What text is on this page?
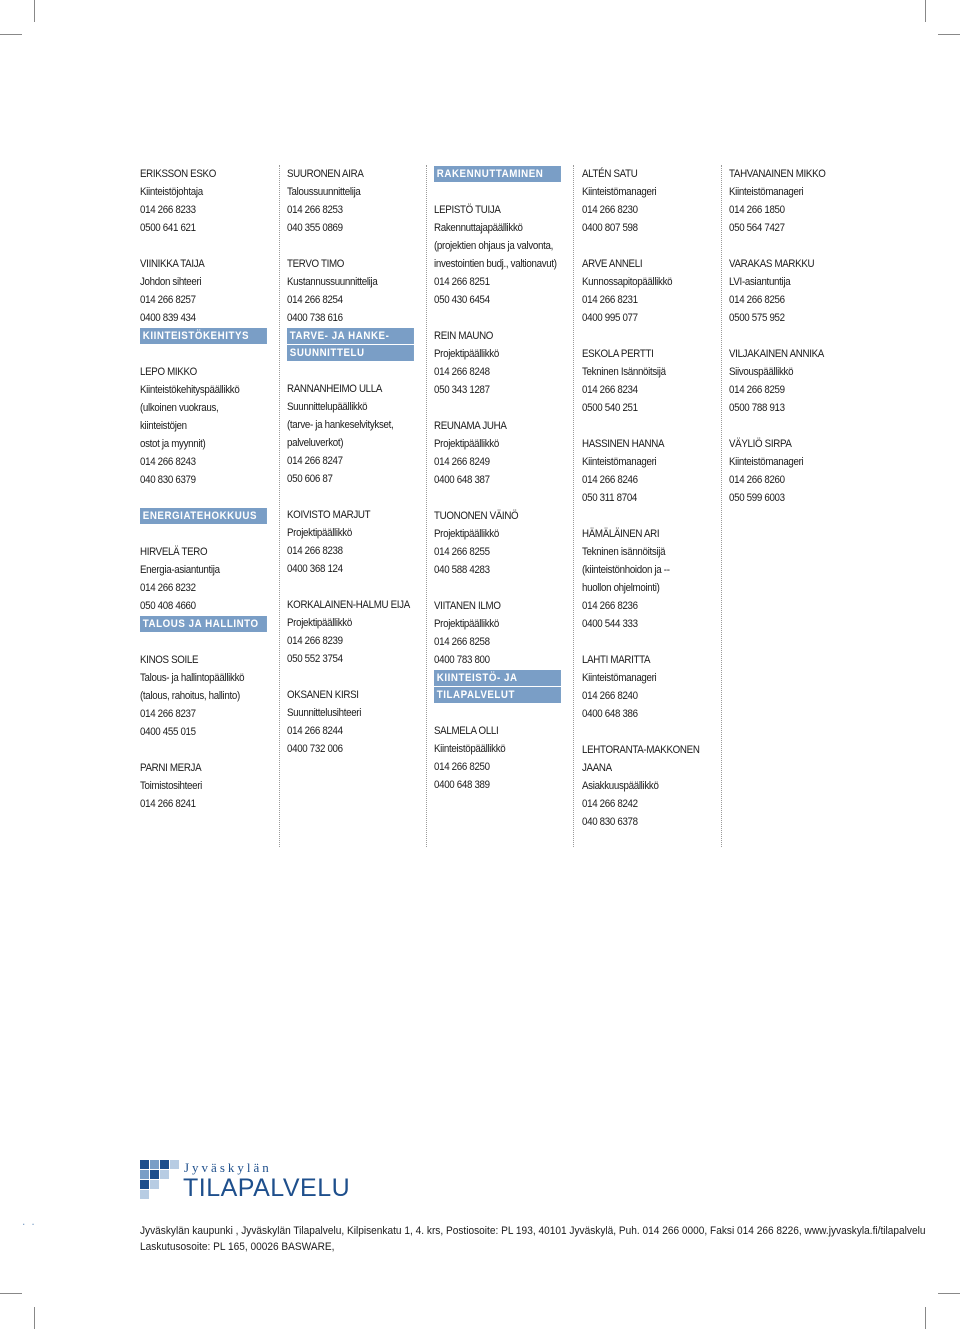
ERIKSSON ESKO
Kiinteistöjohtaja
014 266 8233
0500 641 621
VIINIKKA TAIJA
Johdon sihteeri
014 266 8257
0400 839 434
KIINTEISTÖKEHITYS
LEPO MIKKO
Kiinteistökehityspäällikkö
(ulkoinen vuokraus,
kiinteistöjen
ostot ja myynnit)
014 266 8243
040 830 6379
ENERGIATEHOKKUUS
HIRVELÄ TERO
Energia-asiantuntija
014 266 8232
050 408 4660
TALOUS JA HALLINTO
KINOS SOILE
Talous- ja hallintopäällikkö
(talous, rahoitus, hallinto)
014 266 8237
0400 455 015
PARNI MERJA
Toimistosihteeri
014 266 8241
SUURONEN AIRA
Taloussuunnittelija
014 266 8253
040 355 0869
TERVO TIMO
Kustannussuunnittelija
014 266 8254
0400 738 616
TARVE- JA HANKE-
SUUNNITTELU
RANNANHEIMO ULLA
Suunnittelupäällikkö
(tarve- ja hankeselvitykset,
palveluverkot)
014 266 8247
050 606 87
KOIVISTO MARJUT
Projektipäällikkö
014 266 8238
0400 368 124
KORKALAINEN-HALMU EIJA
Projektipäällikkö
014 266 8239
050 552 3754
OKSANEN KIRSI
Suunnittelusihteeri
014 266 8244
0400 732 006
RAKENNUTTAMINEN
LEPISTÖ TUIJA
Rakennuttajapäällikkö
(projektien ohjaus ja valvonta,
investointien budj., valtionavut)
014 266 8251
050 430 6454
REIN MAUNO
Projektipäällikkö
014 266 8248
050 343 1287
REUNAMA JUHA
Projektipäällikkö
014 266 8249
0400 648 387
TUONONEN VÄINÖ
Projektipäällikkö
014 266 8255
040 588 4283
VIITANEN ILMO
Projektipäällikkö
014 266 8258
0400 783 800
KIINTEISTÖ- JA
TILAPALVELUT
SALMELA OLLI
Kiinteistöpäällikkö
014 266 8250
0400 648 389
ALTÉN SATU
Kiinteistömanageri
014 266 8230
0400 807 598
ARVE ANNELI
Kunnossapitopäällikkö
014 266 8231
0400 995 077
ESKOLA PERTTI
Tekninen Isännöitsijä
014 266 8234
0500 540 251
HASSINEN HANNA
Kiinteistömanageri
014 266 8246
050 311 8704
HÄMÄLÄINEN ARI
Tekninen isännöitsijä
(kiinteistönhoidon ja --
huollon ohjelmointi)
014 266 8236
0400 544 333
LAHTI MARITTA
Kiinteistömanageri
014 266 8240
0400 648 386
LEHTORANTA-MAKKONEN
JAANA
Asiakkuuspäällikkö
014 266 8242
040 830 6378
TAHVANAINEN MIKKO
Kiinteistömanageri
014 266 1850
050 564 7427
VARAKAS MARKKU
LVI-asiantuntija
014 266 8256
0500 575 952
VILJAKAINEN ANNIKA
Siivouspäällikkö
014 266 8259
0500 788 913
VÄYLIÖ SIRPA
Kiinteistömanageri
014 266 8260
050 599 6003
Jyväskylän
TILAPALVELU
..
Jyväskylän kaupunki , Jyväskylän Tilapalvelu, Kilpisenkatu 1, 4. krs, Postiosoite: PL 193, 40101 Jyväskylä, Puh. 014 266 0000, Faksi 014 266 8226, www.jyvaskyla.fi/tilapalvelu
Laskutusosoite: PL 165, 00026 BASWARE,
